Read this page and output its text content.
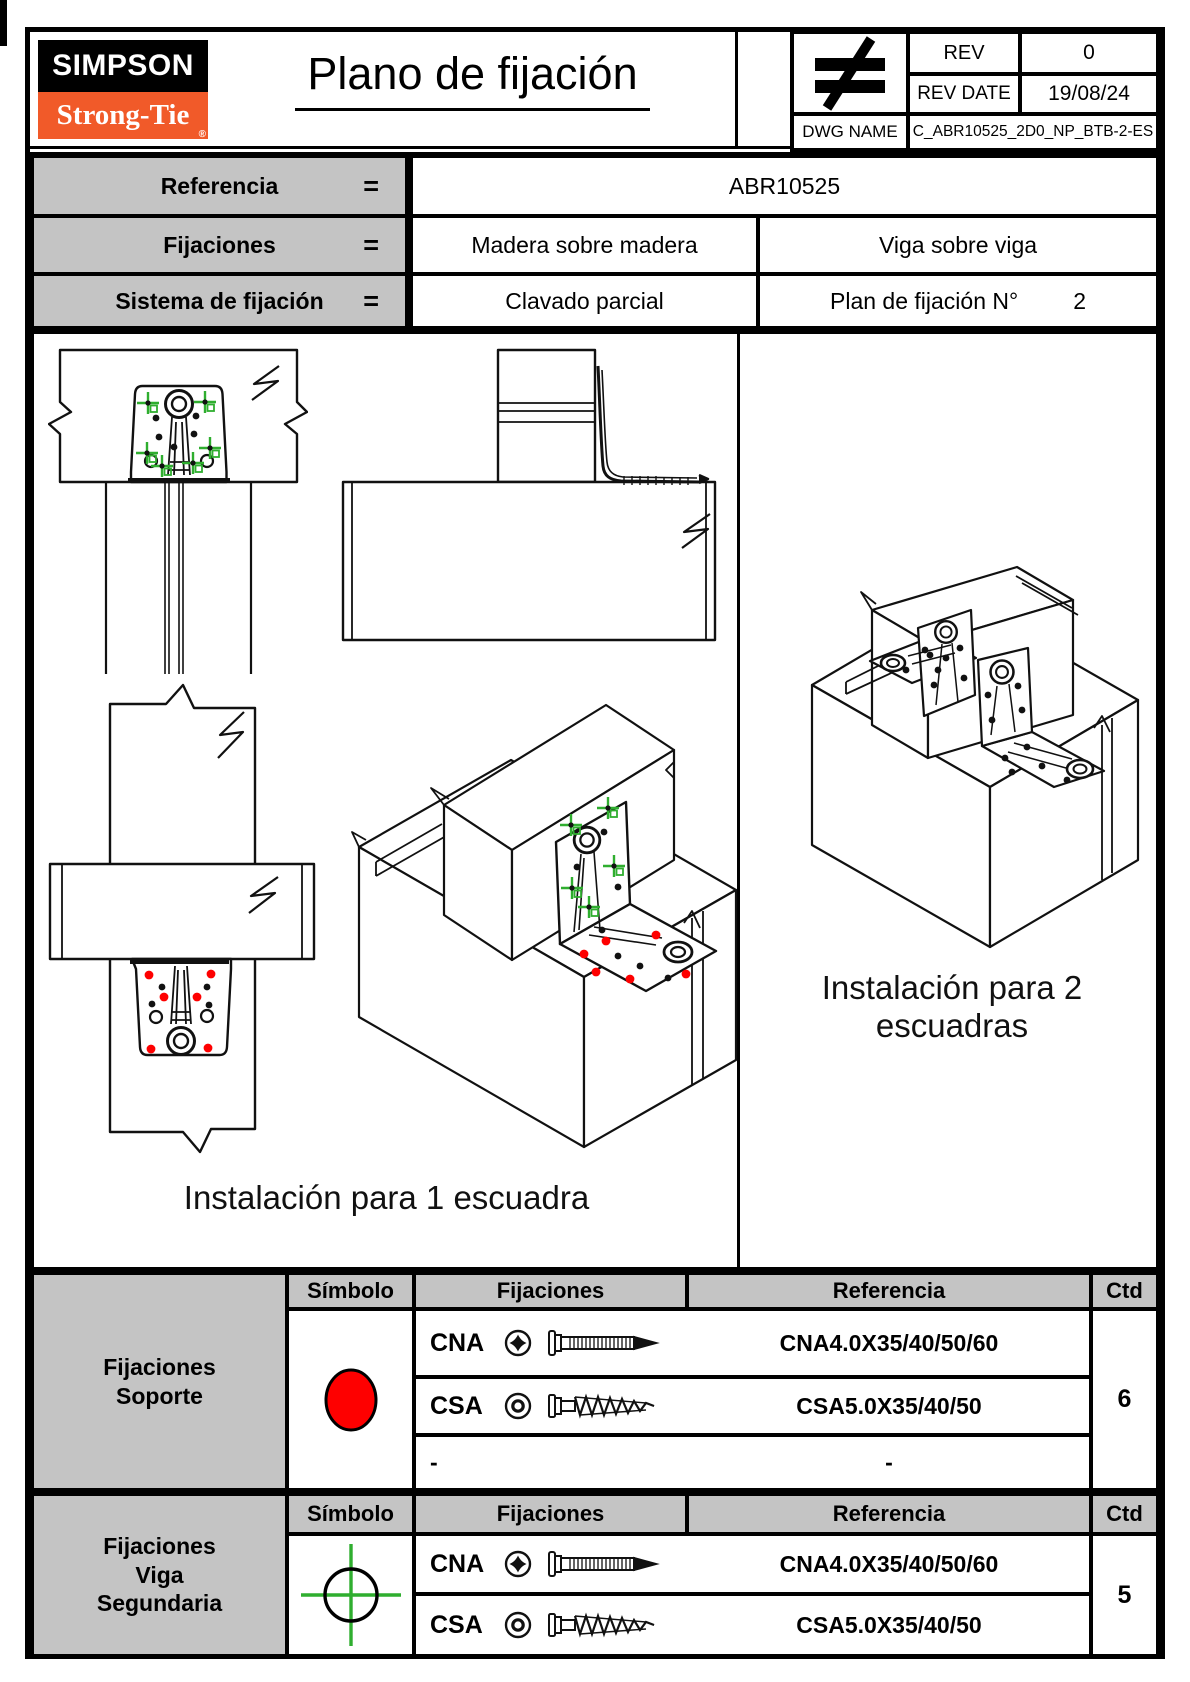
SIMPSON
Strong-Tie
®
Plano de fijación	REV	0
REV DATE	19/08/24
DWG NAME C_ABR10525_2D0_NP_BTB-2-ES
Referencia	=	ABR10525
Fijaciones	=	Madera sobre madera	Viga sobre viga
Sistema de fijación =	Clavado parcial	Plan de fijación N° 2
Instalación para 1 escuadra
Instalación para 2
escuadras
Fijaciones
Soporte
Símbolo	Fijaciones	Referencia	Ctd
CNA	CNA4.0X35/40/50/60
CSA	CSA5.0X35/40/50
-	-
6
Fijaciones
Viga
Segundaria
Símbolo	Fijaciones	Referencia	Ctd
CNA	CNA4.0X35/40/50/60
CSA	CSA5.0X35/40/50
5
